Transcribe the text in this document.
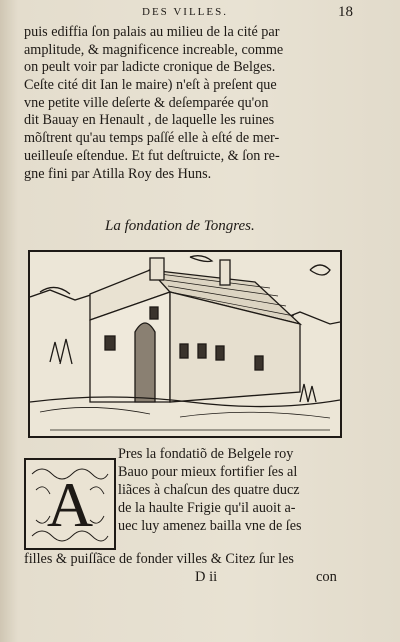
DES VILLES.	18
puis ediffia ſon palais au milieu de la cité par
amplitude, & magnificence increable, comme
on peult voir par ladicte cronique de Belges.
Ceſte cité dit Ian le maire) n'eſt à preſent que
vne petite ville deſerte & deſemparée qu'on
dit Bauay en Henault , de laquelle les ruines
mõſtrent qu'au temps paſſé elle à eſté de mer-
ueilleuſe eſtendue. Et fut deſtruicte, & ſon re-
gne fini par Atilla Roy des Huns.
La fondation de Tongres.
A
Pres la fondatiõ de Belgele roy
Bauo pour mieux fortifier ſes al
liãces à chaſcun des quatre ducz
de la haulte Frigie qu'il auoit a-
uec luy amenez bailla vne de ſes
filles & puiſſãce de fonder villes & Citez ſur les
D ii	con
